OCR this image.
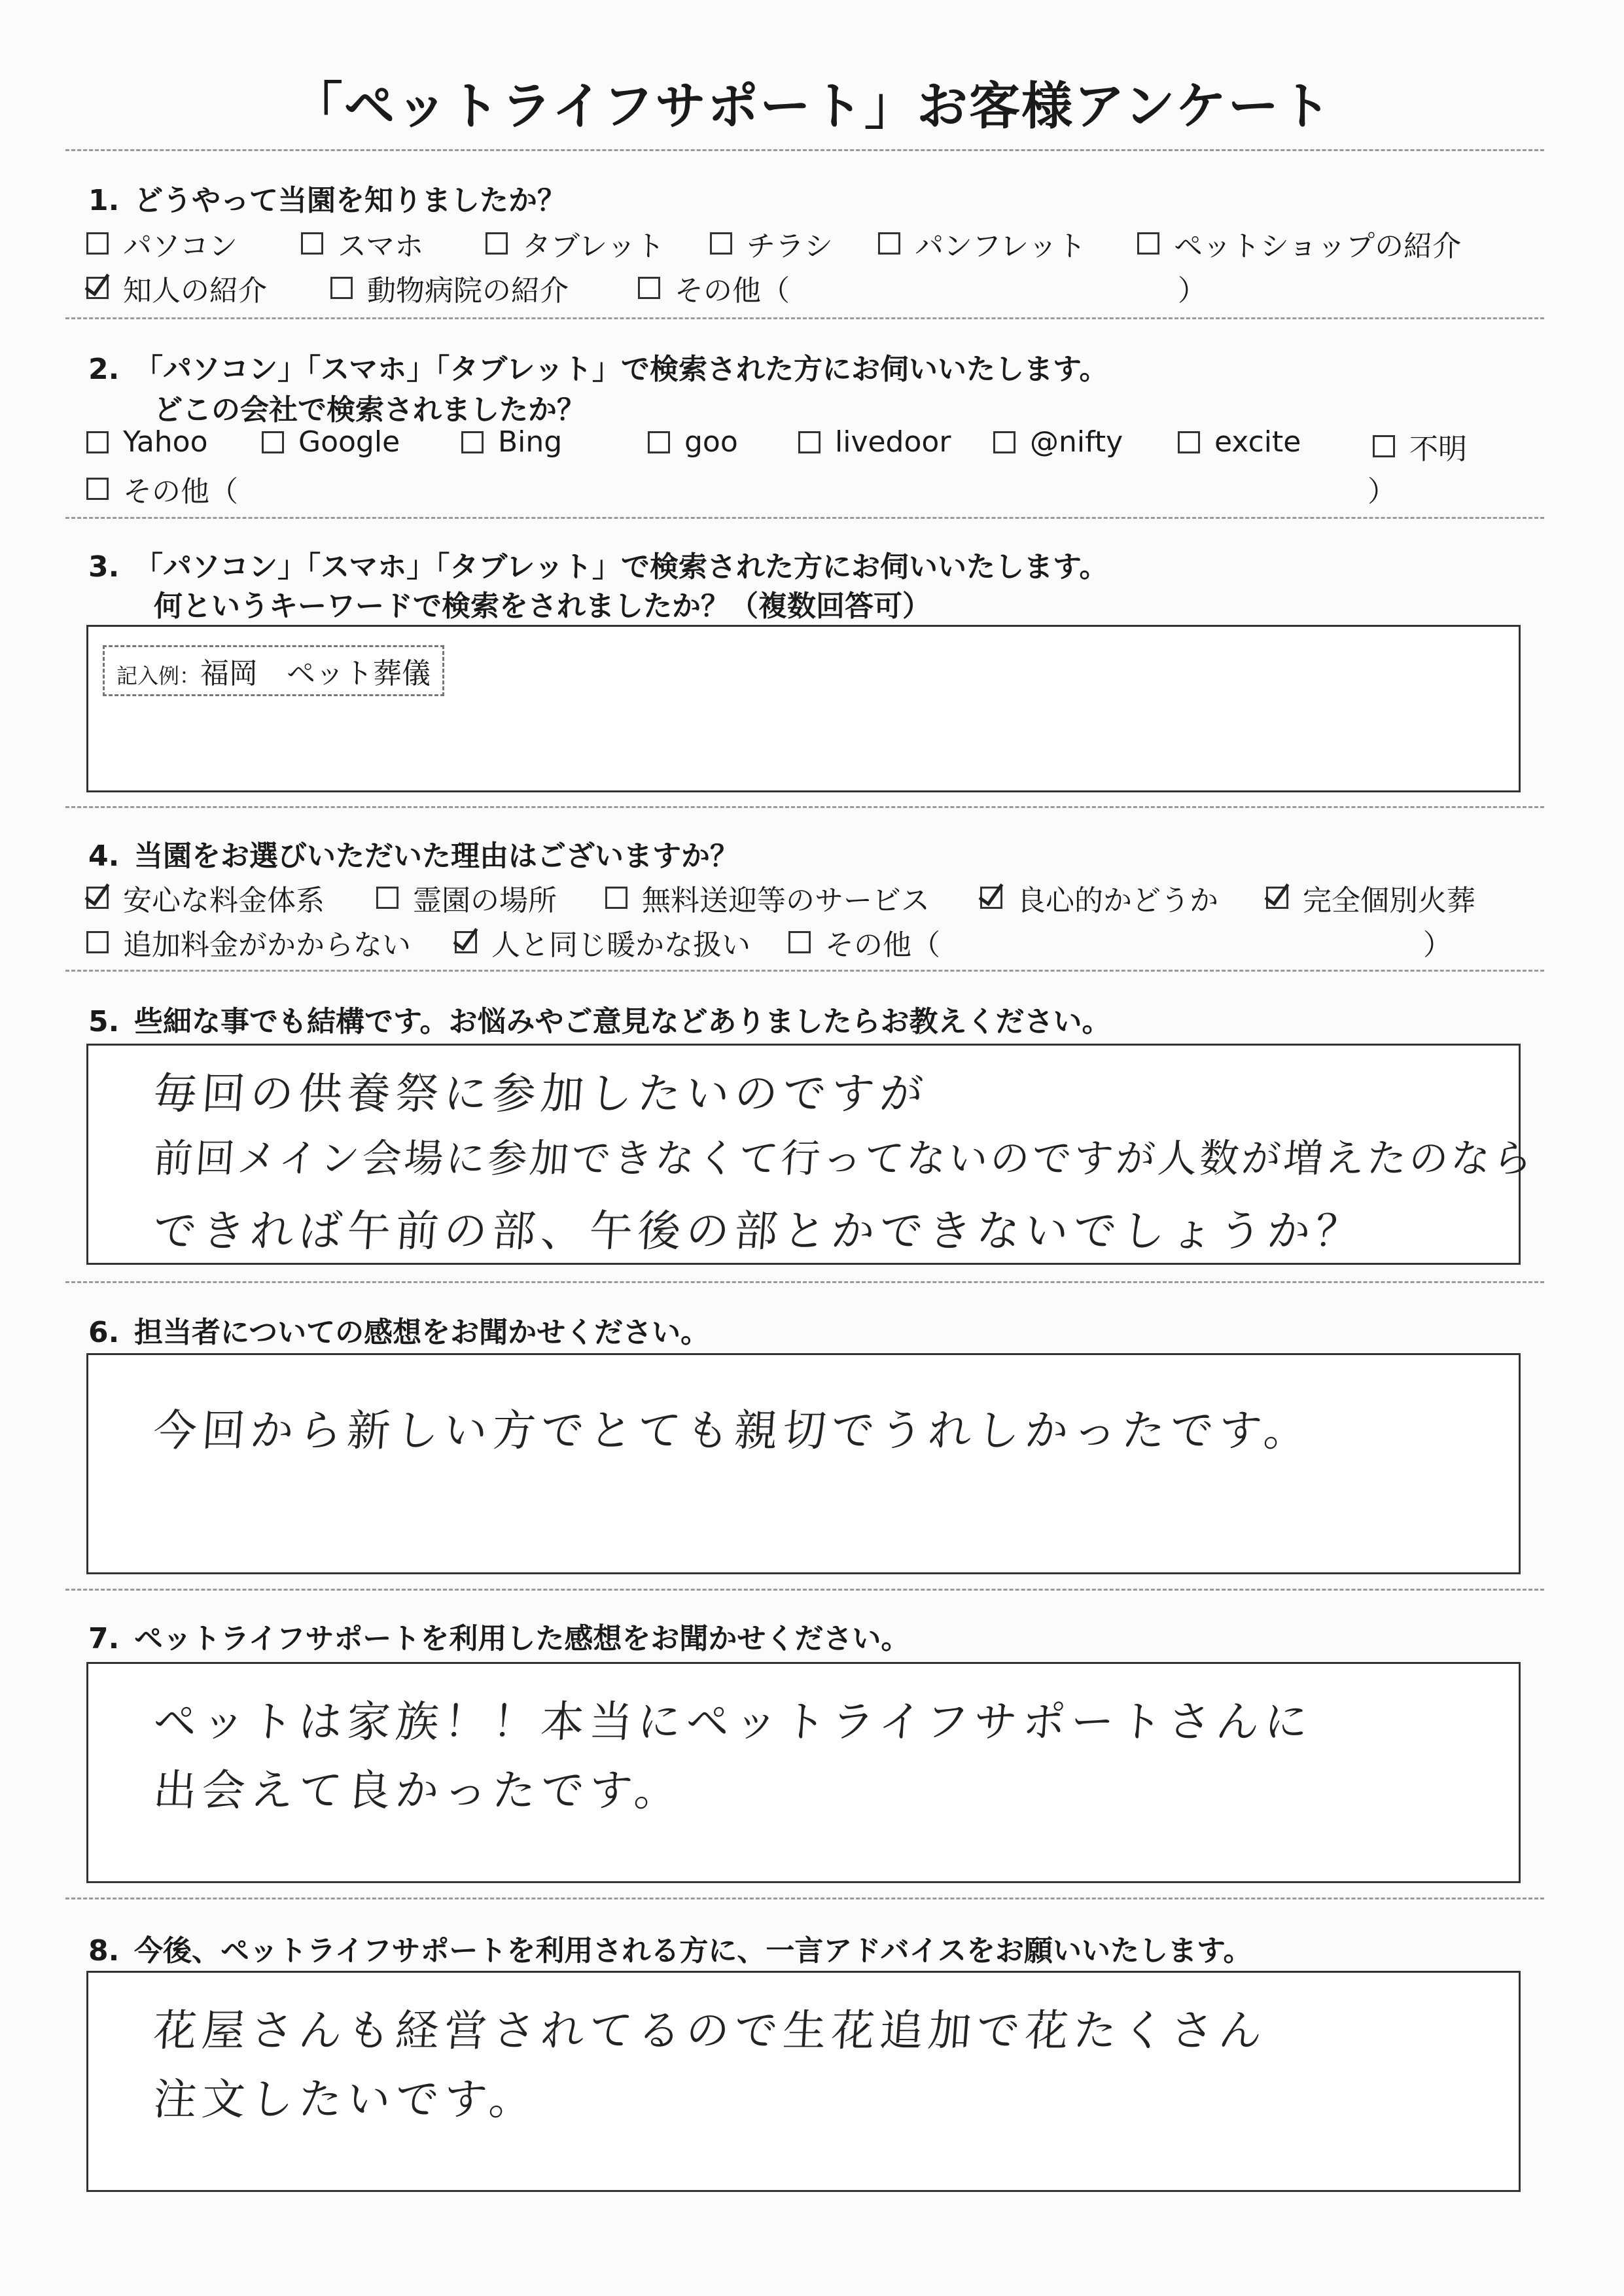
「ペットライフサポート」お客様アンケート
1. どうやって当園を知りましたか？
パソコン	スマホ	タブレット	チラシ	パンフレット	ペットショップの紹介
知人の紹介	動物病院の紹介	その他（	）
2. 「パソコン」「スマホ」「タブレット」で検索された方にお伺いいたします。
どこの会社で検索されましたか？
Yahoo	Google	Bing	goo	livedoor	@nifty	excite	不明
その他（	）
3. 「パソコン」「スマホ」「タブレット」で検索された方にお伺いいたします。
何というキーワードで検索をされましたか？（複数回答可）
記入例：福岡　ペット葬儀
4. 当園をお選びいただいた理由はございますか？
安心な料金体系	霊園の場所	無料送迎等のサービス	良心的かどうか	完全個別火葬
追加料金がかからない	人と同じ暖かな扱い	その他（	）
5. 些細な事でも結構です。お悩みやご意見などありましたらお教えください。
毎回の供養祭に参加したいのですが
前回メイン会場に参加できなくて行ってないのですが人数が増えたのなら
できれば午前の部、午後の部とかできないでしょうか？
6. 担当者についての感想をお聞かせください。
今回から新しい方でとても親切でうれしかったです。
7. ペットライフサポートを利用した感想をお聞かせください。
ペットは家族！！本当にペットライフサポートさんに
出会えて良かったです。
8. 今後、ペットライフサポートを利用される方に、一言アドバイスをお願いいたします。
花屋さんも経営されてるので生花追加で花たくさん
注文したいです。
